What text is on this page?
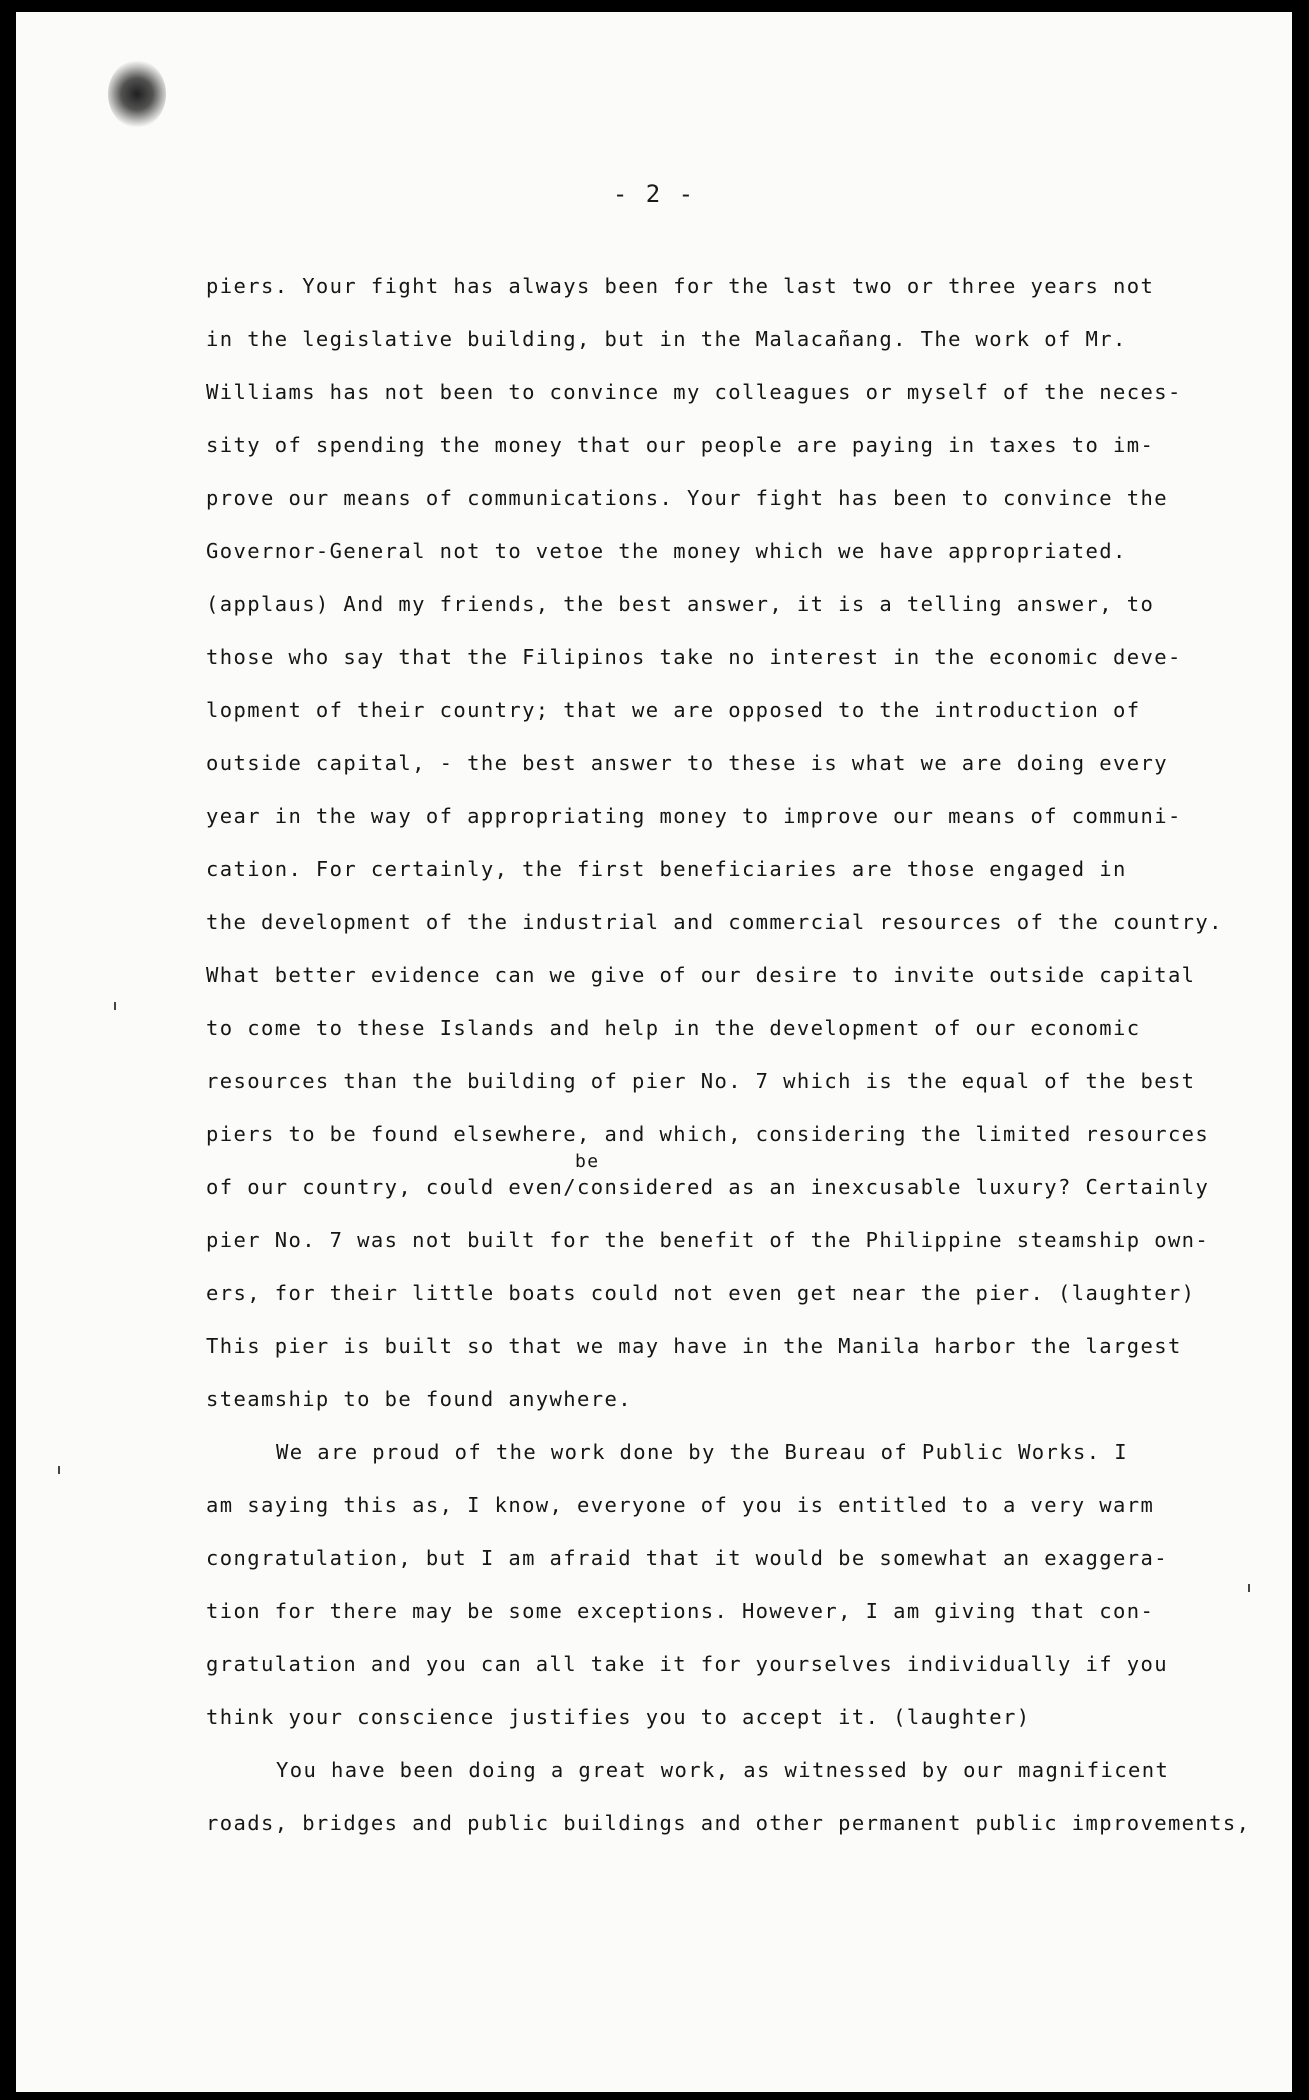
- 2 -
piers. Your fight has always been for the last two or three years not
in the legislative building, but in the Malacañang. The work of Mr.
Williams has not been to convince my colleagues or myself of the neces-
sity of spending the money that our people are paying in taxes to im-
prove our means of communications. Your fight has been to convince the
Governor-General not to vetoe the money which we have appropriated.
(applaus) And my friends, the best answer, it is a telling answer, to
those who say that the Filipinos take no interest in the economic deve-
lopment of their country; that we are opposed to the introduction of
outside capital, - the best answer to these is what we are doing every
year in the way of appropriating money to improve our means of communi-
cation. For certainly, the first beneficiaries are those engaged in
the development of the industrial and commercial resources of the country.
What better evidence can we give of our desire to invite outside capital
to come to these Islands and help in the development of our economic
resources than the building of pier No. 7 which is the equal of the best
piers to be found elsewhere, and which, considering the limited resources
of our country, could even/
be
considered as an inexcusable luxury? Certainly
pier No. 7 was not built for the benefit of the Philippine steamship own-
ers, for their little boats could not even get near the pier. (laughter)
This pier is built so that we may have in the Manila harbor the largest
steamship to be found anywhere.
We are proud of the work done by the Bureau of Public Works. I
am saying this as, I know, everyone of you is entitled to a very warm
congratulation, but I am afraid that it would be somewhat an exaggera-
tion for there may be some exceptions. However, I am giving that con-
gratulation and you can all take it for yourselves individually if you
think your conscience justifies you to accept it. (laughter)
You have been doing a great work, as witnessed by our magnificent
roads, bridges and public buildings and other permanent public improvements,
